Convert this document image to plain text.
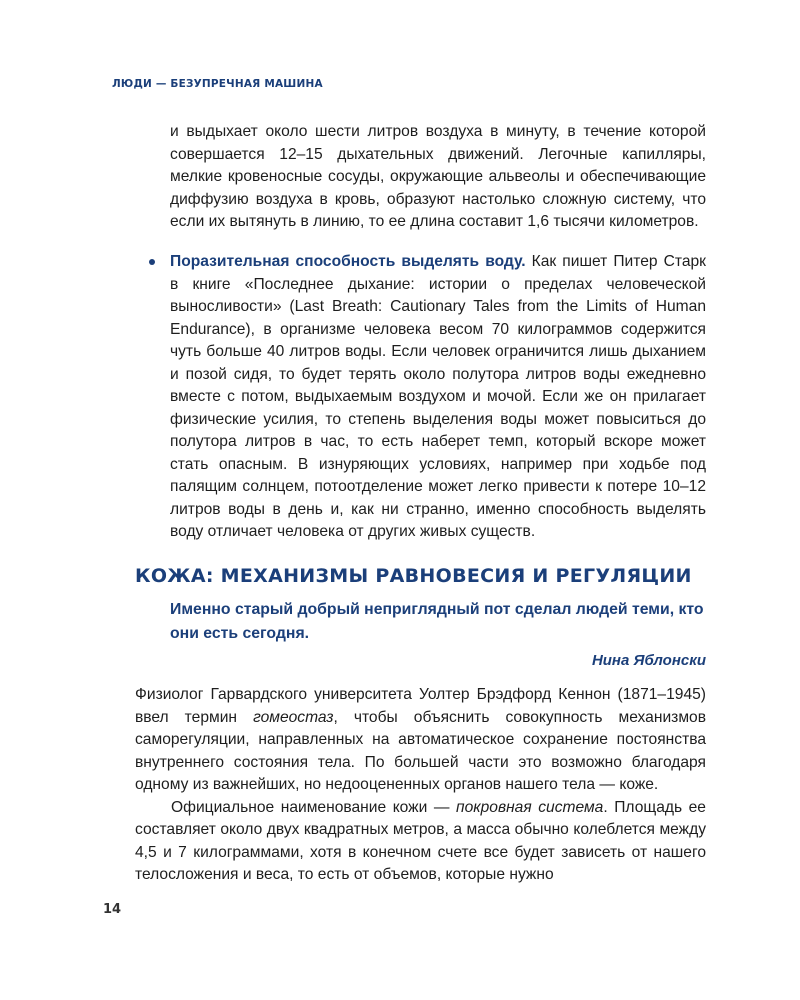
ЛЮДИ — БЕЗУПРЕЧНАЯ МАШИНА

и выдыхает около шести литров воздуха в минуту, в течение которой совершается 12–15 дыхательных движений. Легочные капилляры, мелкие кровеносные сосуды, окружающие альвеолы и обеспечивающие диффузию воздуха в кровь, образуют настолько сложную систему, что если их вытянуть в линию, то ее длина составит 1,6 тысячи километров.

Поразительная способность выделять воду. Как пишет Питер Старк в книге «Последнее дыхание: истории о пределах человеческой выносливости» (Last Breath: Cautionary Tales from the Limits of Human Endurance), в организме человека весом 70 килограммов содержится чуть больше 40 литров воды. Если человек ограничится лишь дыханием и позой сидя, то будет терять около полутора литров воды ежедневно вместе с потом, выдыхаемым воздухом и мочой. Если же он прилагает физические усилия, то степень выделения воды может повыситься до полутора литров в час, то есть наберет темп, который вскоре может стать опасным. В изнуряющих условиях, например при ходьбе под палящим солнцем, потоотделение может легко привести к потере 10–12 литров воды в день и, как ни странно, именно способность выделять воду отличает человека от других живых существ.

КОЖА: МЕХАНИЗМЫ РАВНОВЕСИЯ И РЕГУЛЯЦИИ

Именно старый добрый неприглядный пот сделал людей теми, кто они есть сегодня.

Нина Яблонски

Физиолог Гарвардского университета Уолтер Брэдфорд Кеннон (1871–1945) ввел термин гомеостаз, чтобы объяснить совокупность механизмов саморегуляции, направленных на автоматическое сохранение постоянства внутреннего состояния тела. По большей части это возможно благодаря одному из важнейших, но недооцененных органов нашего тела — коже.

Официальное наименование кожи — покровная система. Площадь ее составляет около двух квадратных метров, а масса обычно колеблется между 4,5 и 7 килограммами, хотя в конечном счете все будет зависеть от нашего телосложения и веса, то есть от объемов, которые нужно

14
